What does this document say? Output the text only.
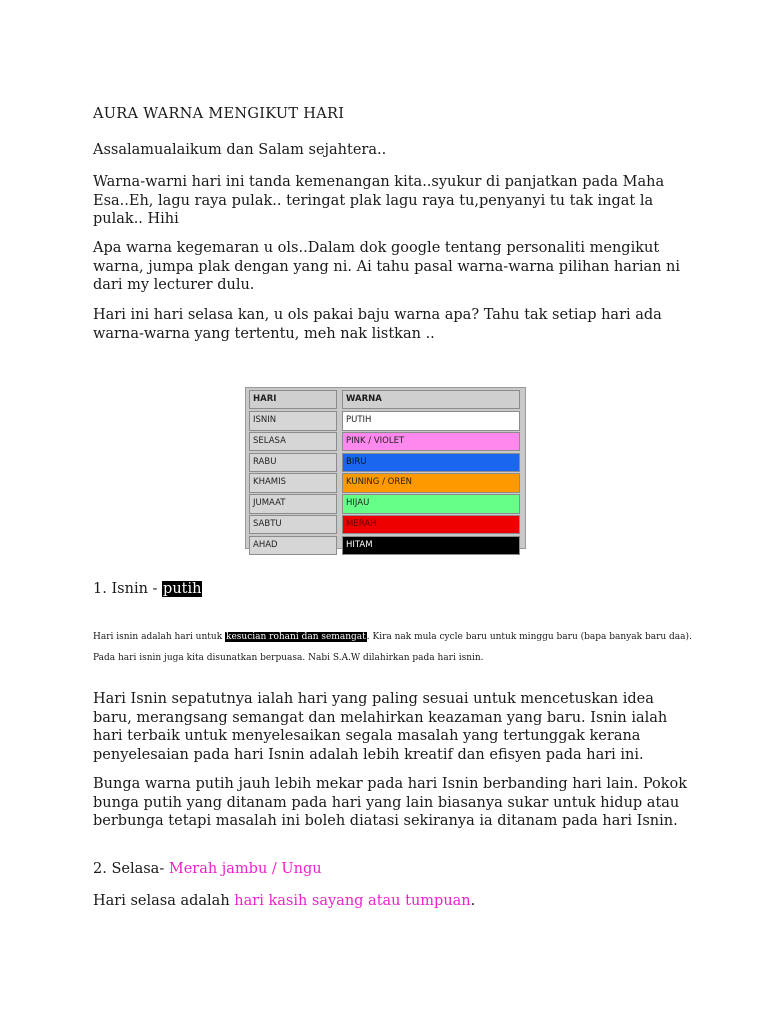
AURA WARNA MENGIKUT HARI
Assalamualaikum dan Salam sejahtera..
Warna-warni hari ini tanda kemenangan kita..syukur di panjatkan pada Maha Esa..Eh, lagu raya pulak.. teringat plak lagu raya tu,penyanyi tu tak ingat la pulak.. Hihi
Apa warna kegemaran u ols..Dalam dok google tentang personaliti mengikut warna, jumpa plak dengan yang ni. Ai tahu pasal warna-warna pilihan harian ni dari my lecturer dulu.
Hari ini hari selasa kan, u ols pakai baju warna apa? Tahu tak setiap hari ada warna-warna yang tertentu, meh nak listkan ..
HARI	WARNA
ISNIN	PUTIH
SELASA	PINK / VIOLET
RABU	BIRU
KHAMIS	KUNING / OREN
JUMAAT	HIJAU
SABTU	MERAH
AHAD	HITAM
1. Isnin - putih
Hari isnin adalah hari untuk kesucian rohani dan semangat. Kira nak mula cycle baru untuk minggu baru (bapa banyak baru daa). Pada hari isnin juga kita disunatkan berpuasa. Nabi S.A.W dilahirkan pada hari isnin.
Hari Isnin sepatutnya ialah hari yang paling sesuai untuk mencetuskan idea baru, merangsang semangat dan melahirkan keazaman yang baru. Isnin ialah hari terbaik untuk menyelesaikan segala masalah yang tertunggak kerana penyelesaian pada hari Isnin adalah lebih kreatif dan efisyen pada hari ini.
Bunga warna putih jauh lebih mekar pada hari Isnin berbanding hari lain. Pokok bunga putih yang ditanam pada hari yang lain biasanya sukar untuk hidup atau berbunga tetapi masalah ini boleh diatasi sekiranya ia ditanam pada hari Isnin.
2. Selasa- Merah jambu / Ungu
Hari selasa adalah hari kasih sayang atau tumpuan.
